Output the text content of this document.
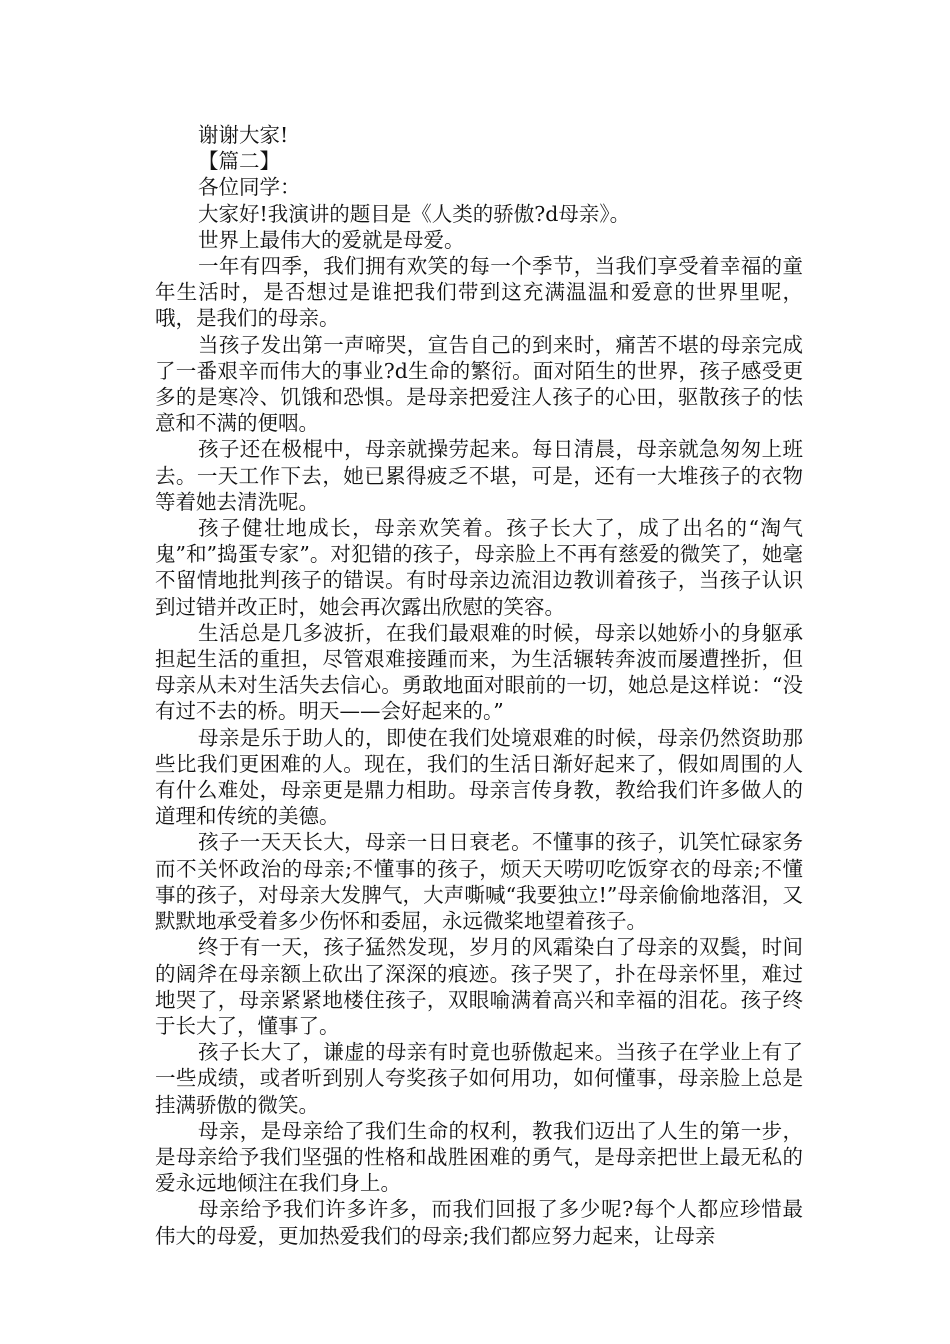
谢谢大家!

【篇二】

各位同学：

大家好!我演讲的题目是《人类的骄傲?d母亲》。

世界上最伟大的爱就是母爱。

一年有四季，我们拥有欢笑的每一个季节，当我们享受着幸福的童年生活时，是否想过是谁把我们带到这充满温温和爱意的世界里呢，哦，是我们的母亲。

当孩子发出第一声啼哭，宣告自己的到来时，痛苦不堪的母亲完成了一番艰辛而伟大的事业?d生命的繁衍。面对陌生的世界，孩子感受更多的是寒冷、饥饿和恐惧。是母亲把爱注人孩子的心田，驱散孩子的怯意和不满的便咽。

孩子还在极棍中，母亲就操劳起来。每日清晨，母亲就急匆匆上班去。一天工作下去，她已累得疲乏不堪，可是，还有一大堆孩子的衣物等着她去清洗呢。

孩子健壮地成长，母亲欢笑着。孩子长大了，成了出名的“淘气鬼”和”捣蛋专家”。对犯错的孩子，母亲脸上不再有慈爱的微笑了，她毫不留情地批判孩子的错误。有时母亲边流泪边教训着孩子，当孩子认识到过错并改正时，她会再次露出欣慰的笑容。

生活总是几多波折，在我们最艰难的时候，母亲以她娇小的身躯承担起生活的重担，尽管艰难接踵而来，为生活辗转奔波而屡遭挫折，但母亲从未对生活失去信心。勇敢地面对眼前的一切，她总是这样说：“没有过不去的桥。明天——会好起来的。”

母亲是乐于助人的，即使在我们处境艰难的时候，母亲仍然资助那些比我们更困难的人。现在，我们的生活日渐好起来了，假如周围的人有什么难处，母亲更是鼎力相助。母亲言传身教，教给我们许多做人的道理和传统的美德。

孩子一天天长大，母亲一日日衰老。不懂事的孩子，讥笑忙碌家务而不关怀政治的母亲;不懂事的孩子，烦天天唠叨吃饭穿衣的母亲;不懂事的孩子，对母亲大发脾气，大声嘶喊“我要独立!”母亲偷偷地落泪，又默默地承受着多少伤怀和委屈，永远微桨地望着孩子。

终于有一天，孩子猛然发现，岁月的风霜染白了母亲的双鬓，时间的阔斧在母亲额上砍出了深深的痕迹。孩子哭了，扑在母亲怀里，难过地哭了，母亲紧紧地楼住孩子，双眼喻满着高兴和幸福的泪花。孩子终于长大了，懂事了。

孩子长大了，谦虚的母亲有时竟也骄傲起来。当孩子在学业上有了一些成绩，或者听到别人夸奖孩子如何用功，如何懂事，母亲脸上总是挂满骄傲的微笑。

母亲，是母亲给了我们生命的权利，教我们迈出了人生的第一步，是母亲给予我们坚强的性格和战胜困难的勇气，是母亲把世上最无私的爱永远地倾注在我们身上。

母亲给予我们许多许多，而我们回报了多少呢?每个人都应珍惜最伟大的母爱，更加热爱我们的母亲;我们都应努力起来，让母亲
